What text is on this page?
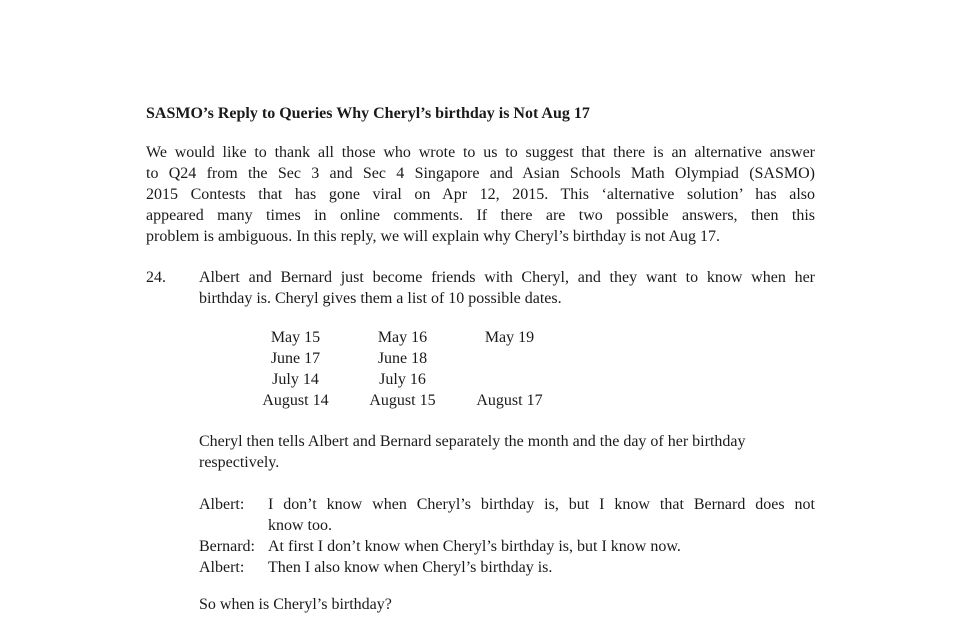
SASMO’s Reply to Queries Why Cheryl’s birthday is Not Aug 17
We would like to thank all those who wrote to us to suggest that there is an alternative answer
to Q24 from the Sec 3 and Sec 4 Singapore and Asian Schools Math Olympiad (SASMO)
2015 Contests that has gone viral on Apr 12, 2015. This ‘alternative solution’ has also
appeared many times in online comments. If there are two possible answers, then this
problem is ambiguous. In this reply, we will explain why Cheryl’s birthday is not Aug 17.
24. Albert and Bernard just become friends with Cheryl, and they want to know when her
birthday is. Cheryl gives them a list of 10 possible dates.
May 15	May 16	May 19
June 17	June 18
July 14	July 16
August 14	August 15	August 17
Cheryl then tells Albert and Bernard separately the month and the day of her birthday
respectively.
Albert:	I don’t know when Cheryl’s birthday is, but I know that Bernard does not
know too.
Bernard: At first I don’t know when Cheryl’s birthday is, but I know now.
Albert:	Then I also know when Cheryl’s birthday is.
So when is Cheryl’s birthday?
